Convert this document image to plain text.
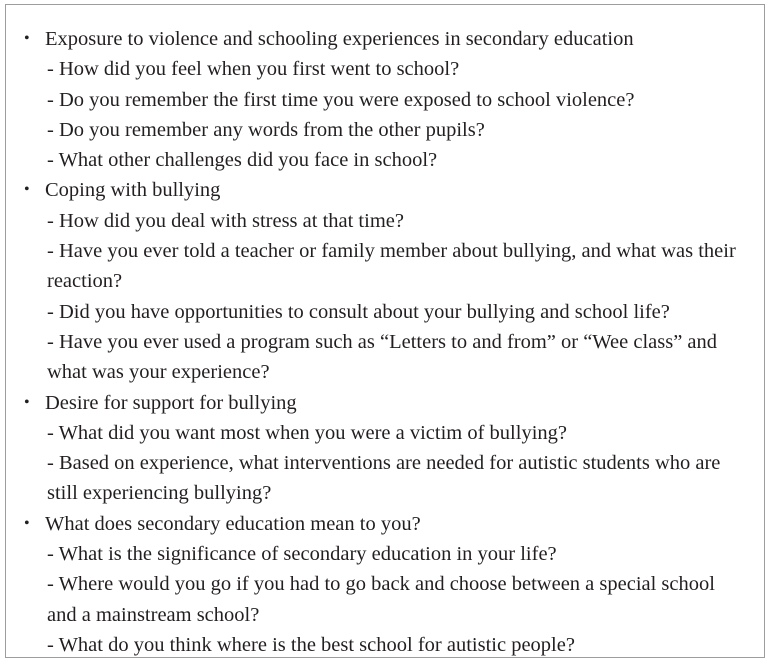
• Exposure to violence and schooling experiences in secondary education
- How did you feel when you first went to school?
- Do you remember the first time you were exposed to school violence?
- Do you remember any words from the other pupils?
- What other challenges did you face in school?
• Coping with bullying
- How did you deal with stress at that time?
- Have you ever told a teacher or family member about bullying, and what was their reaction?
- Did you have opportunities to consult about your bullying and school life?
- Have you ever used a program such as “Letters to and from” or “Wee class” and what was your experience?
• Desire for support for bullying
- What did you want most when you were a victim of bullying?
- Based on experience, what interventions are needed for autistic students who are still experiencing bullying?
• What does secondary education mean to you?
- What is the significance of secondary education in your life?
- Where would you go if you had to go back and choose between a special school and a mainstream school?
- What do you think where is the best school for autistic people?
